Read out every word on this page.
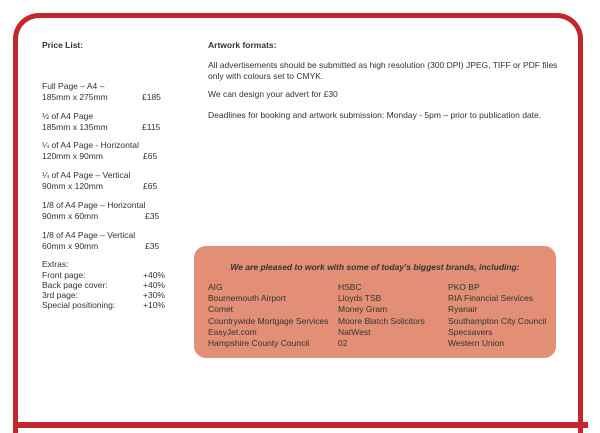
Price List:
Full Page – A4 –
185mm x 275mm	£185
½ of A4 Page
185mm x 135mm	£115
¼ of A4 Page - Horizontal
120mm x 90mm	£65
¼ of A4 Page – Vertical
90mm x 120mm	£65
1/8 of A4 Page – Horizontal
90mm x 60mm	£35
1/8 of A4 Page – Vertical
60mm x 90mm	£35
Extras:
Front page:	+40%
Back page cover:	+40%
3rd page:	+30%
Special positioning:	+10%
Artwork formats:
All advertisements should be submitted as high resolution (300 DPI) JPEG, TIFF or PDF files
only with colours set to CMYK.
We can design your advert for £30
Deadlines for booking and artwork submission: Monday - 5pm – prior to publication date.
We are pleased to work with some of today’s biggest brands, including:
AIG
Bournemouth Airport
Comet
Countrywide Mortgage Services
EasyJet.com
Hampshire County Council
HSBC
Lloyds TSB
Money Gram
Moore Blatch Solicitors
NatWest
02
PKO BP
RIA Financial Services
Ryanair
Southampton City Council
Specsavers
Western Union
